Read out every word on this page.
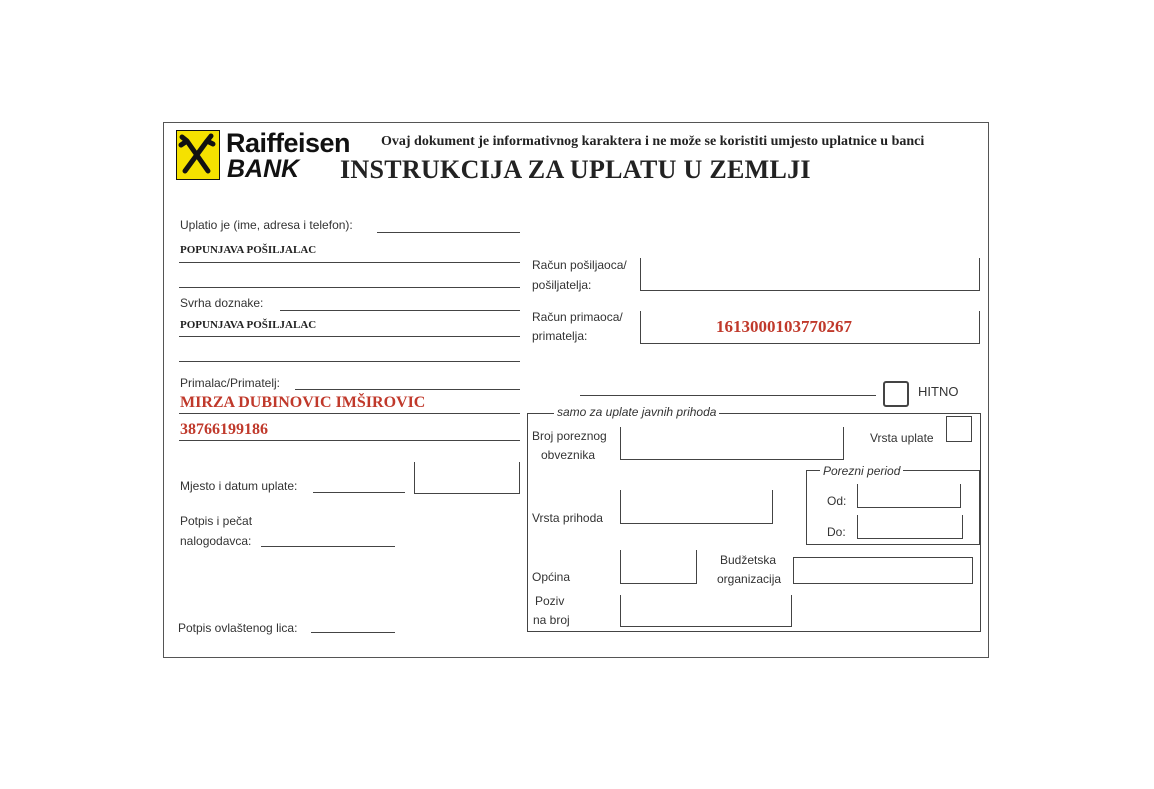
Raiffeisen
BANK
Ovaj dokument je informativnog karaktera i ne može se koristiti umjesto uplatnice u banci
INSTRUKCIJA ZA UPLATU U ZEMLJI
Uplatio je (ime, adresa i telefon):
POPUNJAVA POŠILJALAC
Svrha doznake:
POPUNJAVA POŠILJALAC
Primalac/Primatelj:
MIRZA DUBINOVIC IMŠIROVIC
38766199186
Mjesto i datum uplate:
Potpis i pečat
nalogodavca:
Potpis ovlaštenog lica:
Račun pošiljaoca/
pošiljatelja:
Račun primaoca/
primatelja:	1613000103770267
HITNO
samo za uplate javnih prihoda
Broj poreznog
obveznika
Vrsta uplate
Porezni period
Od:
Do:
Vrsta prihoda
Općina
Budžetska
organizacija
Poziv
na broj
